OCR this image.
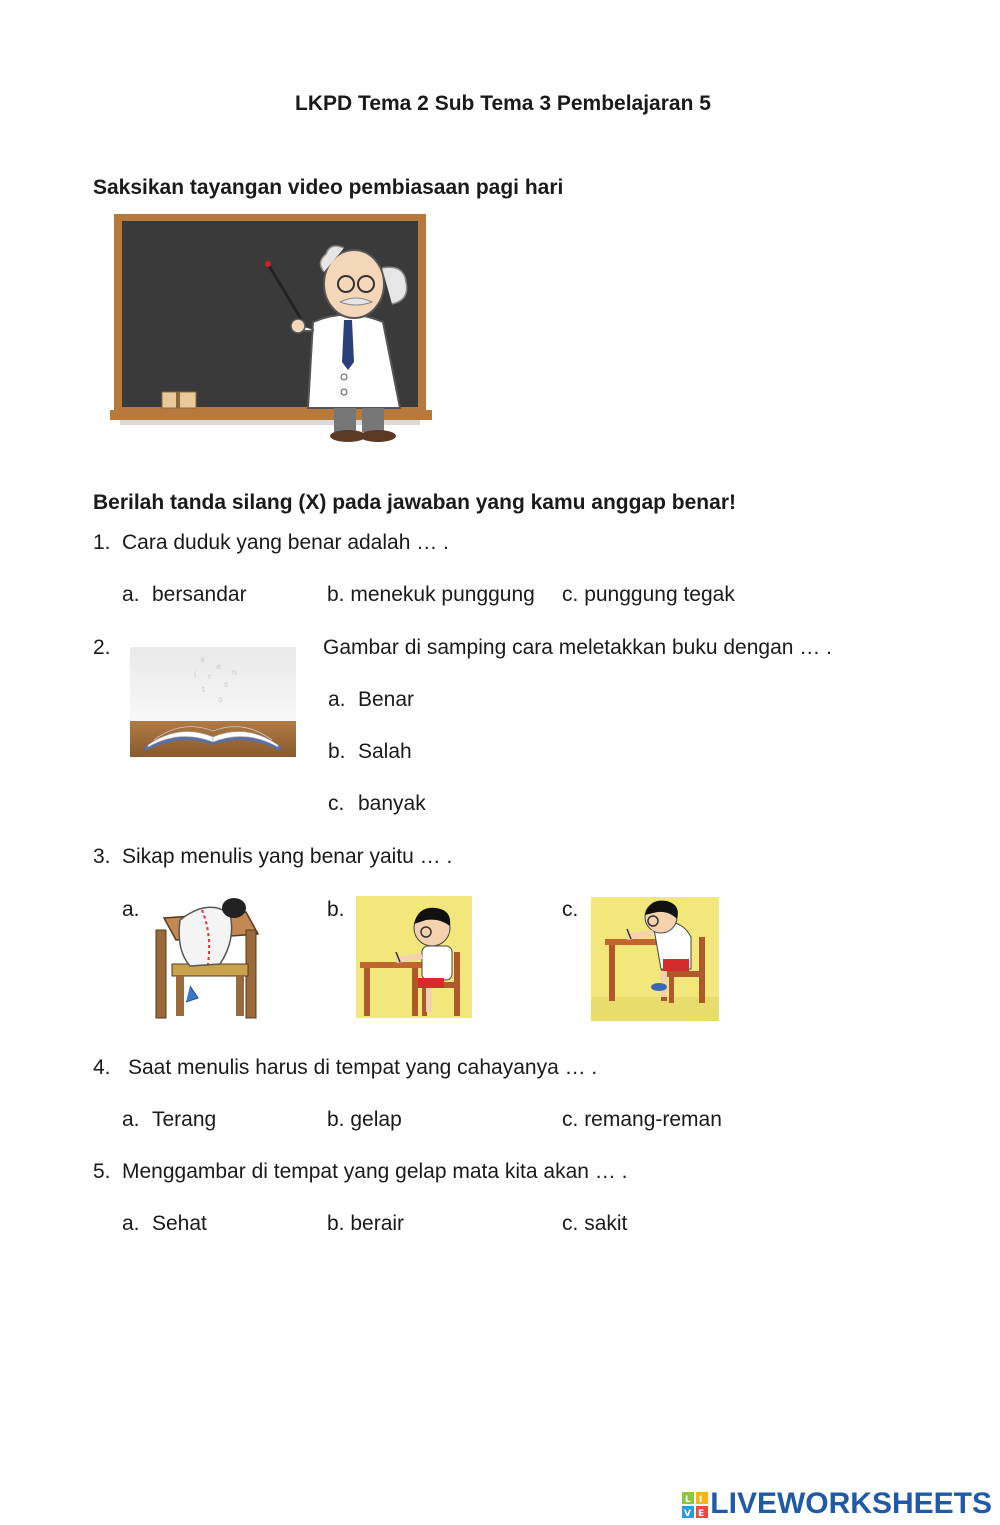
LKPD Tema 2 Sub Tema 3 Pembelajaran 5
Saksikan tayangan video pembiasaan pagi hari
Berilah tanda silang (X) pada jawaban yang kamu anggap benar!
1. Cara duduk yang benar adalah … .
a. bersandar	b. menekuk punggung c. punggung tegak
2.
a
e
r
s
t
o
n
i
Gambar di samping cara meletakkan buku dengan … .
a. Benar
b. Salah
c. banyak
3. Sikap menulis yang benar yaitu … .
a.	b.	c.
4. Saat menulis harus di tempat yang cahayanya … .
a. Terang	b. gelap	c. remang-reman
5. Menggambar di tempat yang gelap mata kita akan … .
a. Sehat	b. berair	c. sakit
L I
V E LIVEWORKSHEETS
